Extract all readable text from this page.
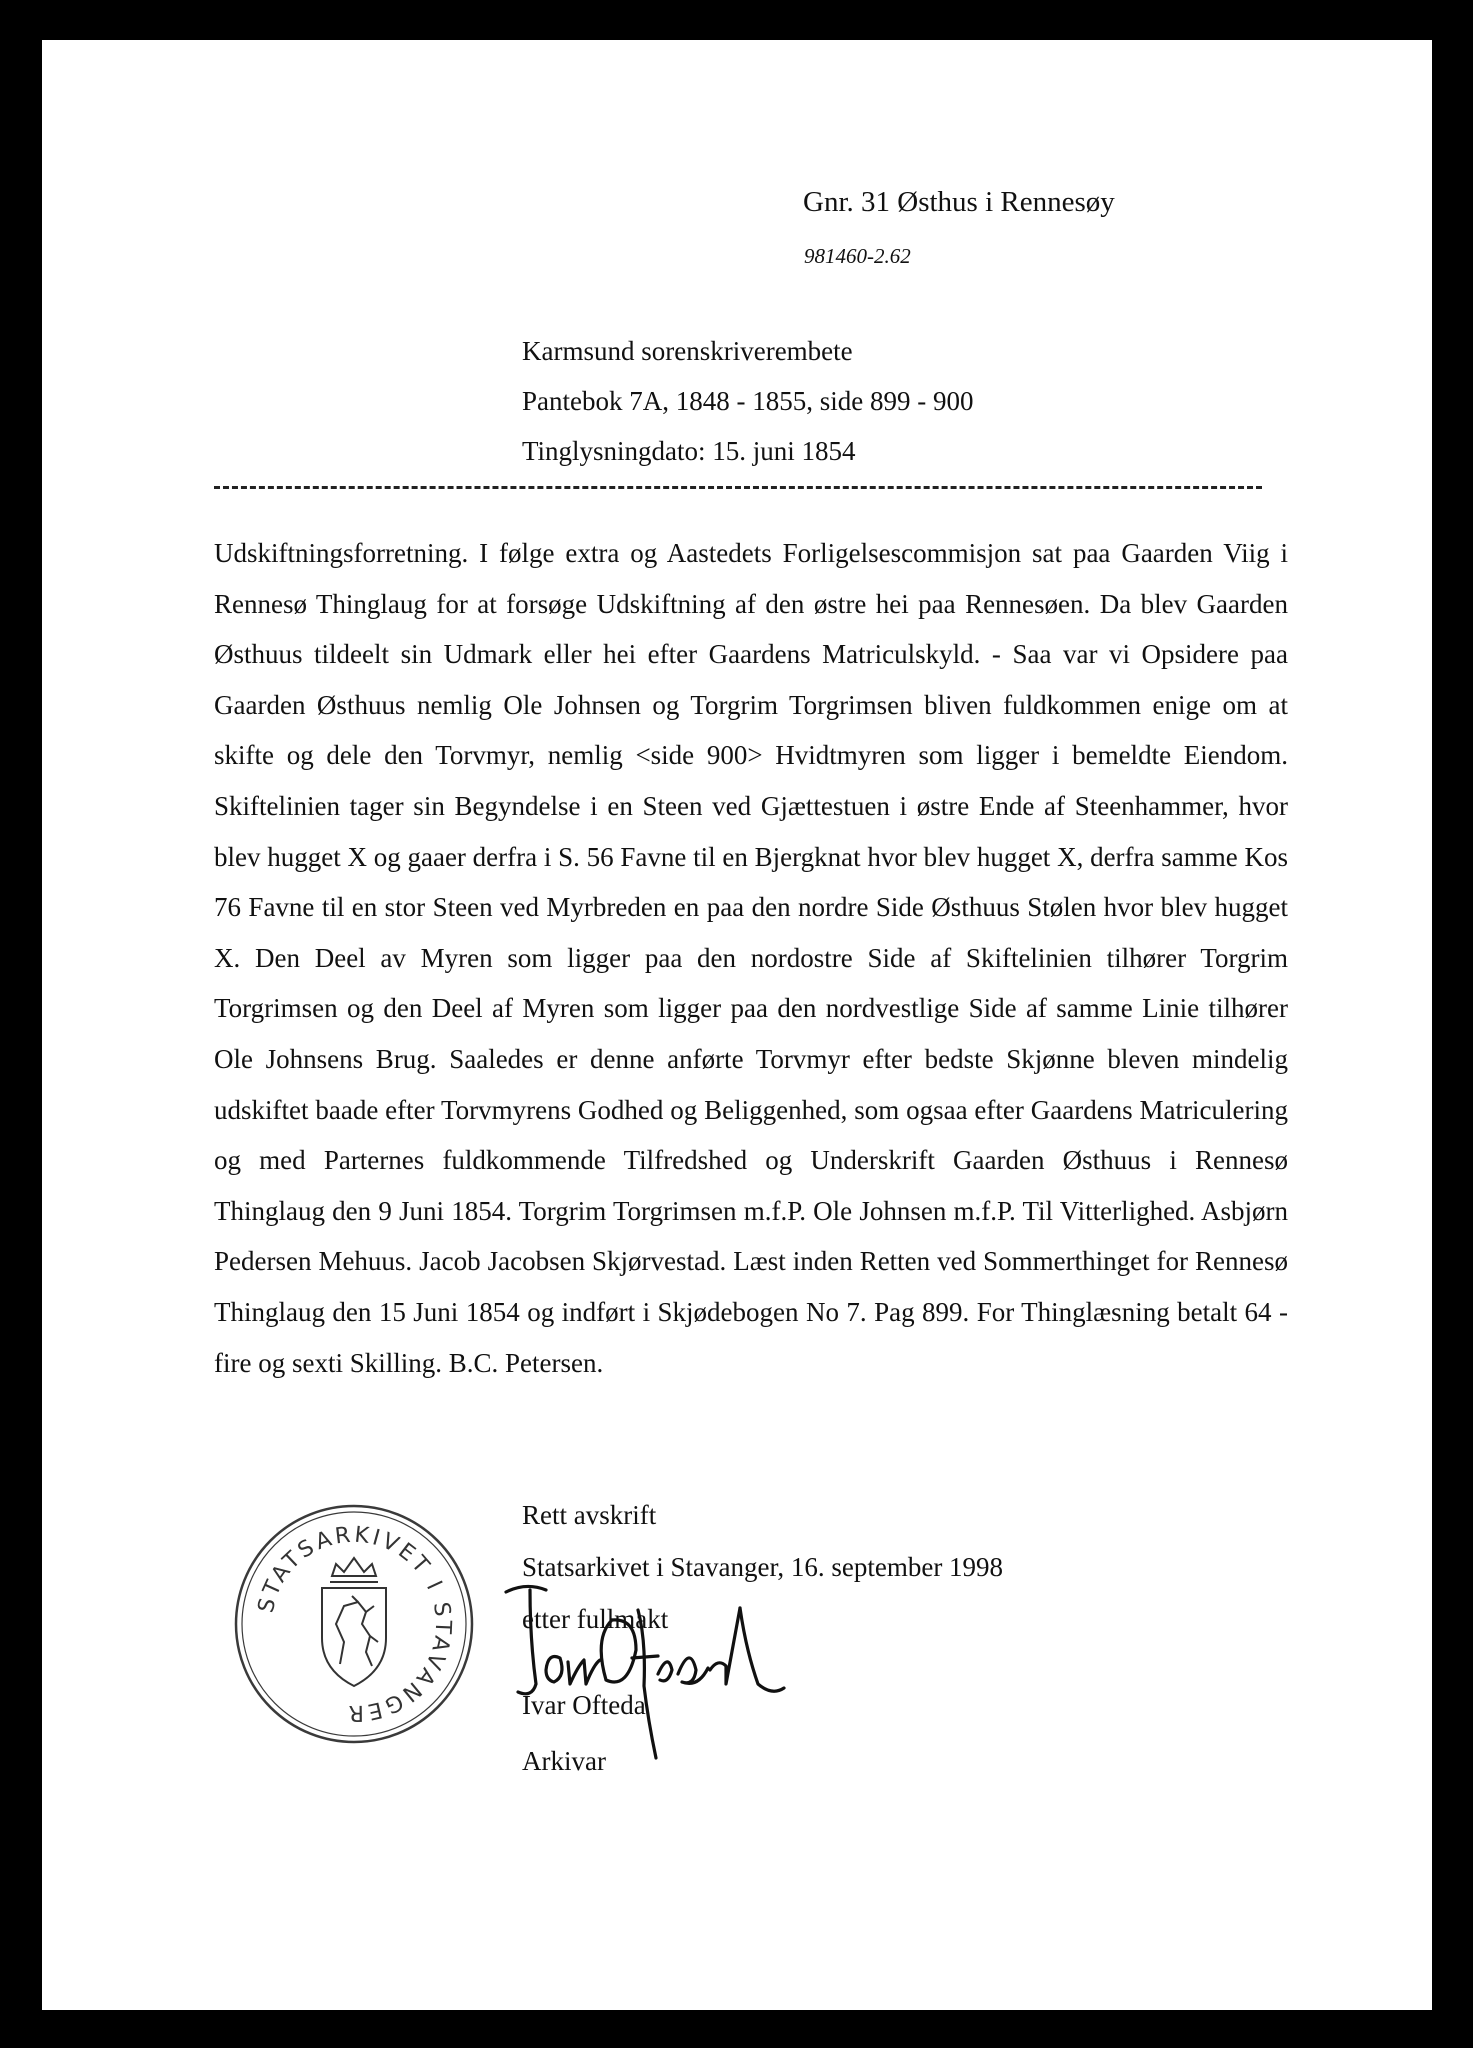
Gnr. 31 Østhus i Rennesøy
981460-2.62
Karmsund sorenskriverembete
Pantebok 7A, 1848 - 1855, side 899 - 900
Tinglysningdato: 15. juni 1854

Udskiftningsforretning. I følge extra og Aastedets Forligelsescommisjon sat paa Gaarden Viig i Rennesø Thinglaug for at forsøge Udskiftning af den østre hei paa Rennesøen. Da blev Gaarden Østhuus tildeelt sin Udmark eller hei efter Gaardens Matriculskyld. - Saa var vi Opsidere paa Gaarden Østhuus nemlig Ole Johnsen og Torgrim Torgrimsen bliven fuldkommen enige om at skifte og dele den Torvmyr, nemlig <side 900> Hvidtmyren som ligger i bemeldte Eiendom. Skiftelinien tager sin Begyndelse i en Steen ved Gjættestuen i østre Ende af Steenhammer, hvor blev hugget X og gaaer derfra i S. 56 Favne til en Bjergknat hvor blev hugget X, derfra samme Kos 76 Favne til en stor Steen ved Myrbreden en paa den nordre Side Østhuus Stølen hvor blev hugget X. Den Deel av Myren som ligger paa den nordostre Side af Skiftelinien tilhører Torgrim Torgrimsen og den Deel af Myren som ligger paa den nordvestlige Side af samme Linie tilhører Ole Johnsens Brug. Saaledes er denne anførte Torvmyr efter bedste Skjønne bleven mindelig udskiftet baade efter Torvmyrens Godhed og Beliggenhed, som ogsaa efter Gaardens Matriculering og med Parternes fuldkommende Tilfredshed og Underskrift Gaarden Østhuus i Rennesø Thinglaug den 9 Juni 1854. Torgrim Torgrimsen m.f.P. Ole Johnsen m.f.P. Til Vitterlighed. Asbjørn Pedersen Mehuus. Jacob Jacobsen Skjørvestad. Læst inden Retten ved Sommerthinget for Rennesø Thinglaug den 15 Juni 1854 og indført i Skjødebogen No 7. Pag 899. For Thinglæsning betalt 64 - fire og sexti Skilling. B.C. Petersen.

STATSARKIVET I STAVANGER
Rett avskrift
Statsarkivet i Stavanger, 16. september 1998
etter fullmakt
Ivar Ofteda
Arkivar
